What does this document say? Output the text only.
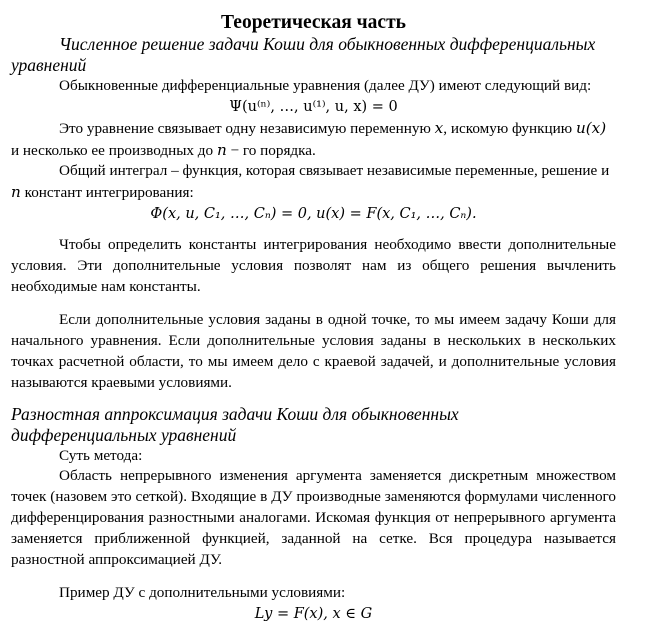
Теоретическая часть
Численное решение задачи Коши для обыкновенных дифференциальных
уравнений

Обыкновенные дифференциальные уравнения (далее ДУ) имеют следующий вид:

Ψ(u⁽ⁿ⁾, …, u⁽¹⁾, u, x) = 0

Это уравнение связывает одну независимую переменную x, искомую функцию u(x) и несколько ее производных до n − го порядка.

Общий интеграл – функция, которая связывает независимые переменные, решение и n констант интегрирования:

Φ(x, u, C₁, …, Cₙ) = 0, u(x) = F(x, C₁, …, Cₙ).

Чтобы определить константы интегрирования необходимо ввести дополнительные условия. Эти дополнительные условия позволят нам из общего решения вычленить необходимые нам константы.

Если дополнительные условия заданы в одной точке, то мы имеем задачу Коши для начального уравнения. Если дополнительные условия заданы в нескольких в нескольких точках расчетной области, то мы имеем дело с краевой задачей, и дополнительные условия называются краевыми условиями.

Разностная аппроксимация задачи Коши для обыкновенных
дифференциальных уравнений

Суть метода:

Область непрерывного изменения аргумента заменяется дискретным множеством точек (назовем это сеткой). Входящие в ДУ производные заменяются формулами численного дифференцирования разностными аналогами. Искомая функция от непрерывного аргумента заменяется приближенной функцией, заданной на сетке. Вся процедура называется разностной аппроксимацией ДУ.

Пример ДУ с дополнительными условиями:

Ly = F(x), x ∈ G
